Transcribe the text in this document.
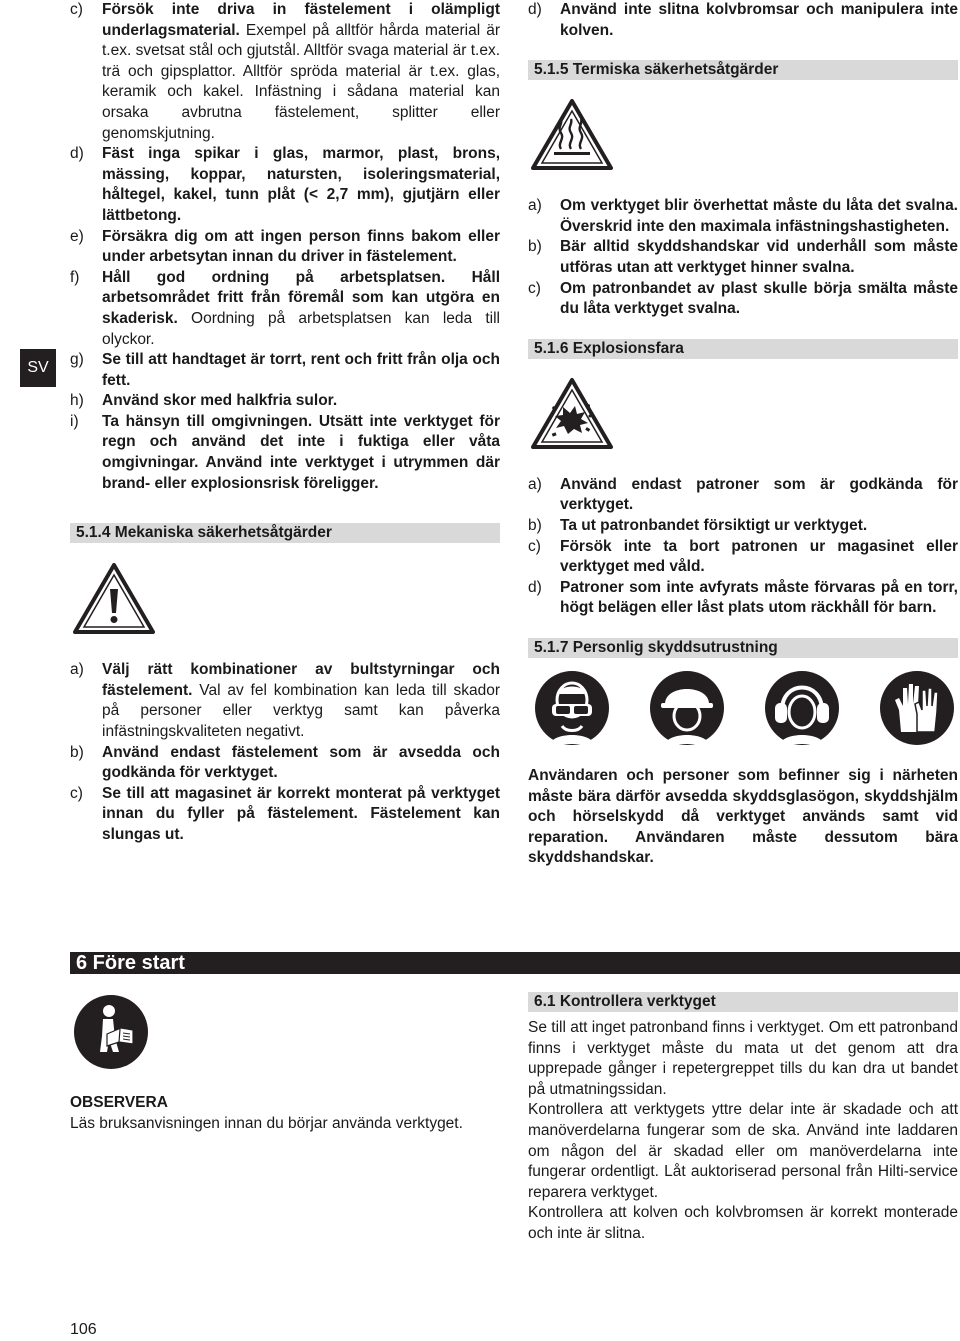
SV
c)	Försök inte driva in fästelement i olämpligt underlagsmaterial. Exempel på alltför hårda material är t.ex. svetsat stål och gjutstål. Alltför svaga material är t.ex. trä och gipsplattor. Alltför spröda material är t.ex. glas, keramik och kakel. Infästning i sådana material kan orsaka avbrutna fästelement, splitter eller genomskjutning.
d)	Fäst inga spikar i glas, marmor, plast, brons, mässing, koppar, natursten, isoleringsmaterial, håltegel, kakel, tunn plåt (< 2,7 mm), gjutjärn eller lättbetong.
e)	Försäkra dig om att ingen person finns bakom eller under arbetsytan innan du driver in fästelement.
f)	Håll god ordning på arbetsplatsen. Håll arbetsområdet fritt från föremål som kan utgöra en skaderisk. Oordning på arbetsplatsen kan leda till olyckor.
g)	Se till att handtaget är torrt, rent och fritt från olja och fett.
h)	Använd skor med halkfria sulor.
i)	Ta hänsyn till omgivningen. Utsätt inte verktyget för regn och använd det inte i fuktiga eller våta omgivningar. Använd inte verktyget i utrymmen där brand- eller explosionsrisk föreligger.
5.1.4 Mekaniska säkerhetsåtgärder
a)	Välj rätt kombinationer av bultstyrningar och fästelement. Val av fel kombination kan leda till skador på personer eller verktyg samt kan påverka infästningskvaliteten negativt.
b)	Använd endast fästelement som är avsedda och godkända för verktyget.
c)	Se till att magasinet är korrekt monterat på verktyget innan du fyller på fästelement. Fästelement kan slungas ut.
d)	Använd inte slitna kolvbromsar och manipulera inte kolven.
5.1.5 Termiska säkerhetsåtgärder
a)	Om verktyget blir överhettat måste du låta det svalna. Överskrid inte den maximala infästningshastigheten.
b)	Bär alltid skyddshandskar vid underhåll som måste utföras utan att verktyget hinner svalna.
c)	Om patronbandet av plast skulle börja smälta måste du låta verktyget svalna.
5.1.6 Explosionsfara
a)	Använd endast patroner som är godkända för verktyget.
b)	Ta ut patronbandet försiktigt ur verktyget.
c)	Försök inte ta bort patronen ur magasinet eller verktyget med våld.
d)	Patroner som inte avfyrats måste förvaras på en torr, högt belägen eller låst plats utom räckhåll för barn.
5.1.7 Personlig skyddsutrustning

Användaren och personer som befinner sig i närheten måste bära därför avsedda skyddsglasögon, skyddshjälm och hörselskydd då verktyget används samt vid reparation. Användaren måste dessutom bära skyddshandskar.

6 Före start
OBSERVERA
Läs bruksanvisningen innan du börjar använda verktyget.
6.1 Kontrollera verktyget

Se till att inget patronband finns i verktyget. Om ett patronband finns i verktyget måste du mata ut det genom att dra upprepade gånger i repetergreppet tills du kan dra ut bandet på utmatningssidan.

Kontrollera att verktygets yttre delar inte är skadade och att manöverdelarna fungerar som de ska. Använd inte laddaren om någon del är skadad eller om manöverdelarna inte fungerar ordentligt. Låt auktoriserad personal från Hilti-service reparera verktyget.

Kontrollera att kolven och kolvbromsen är korrekt monterade och inte är slitna.

106
